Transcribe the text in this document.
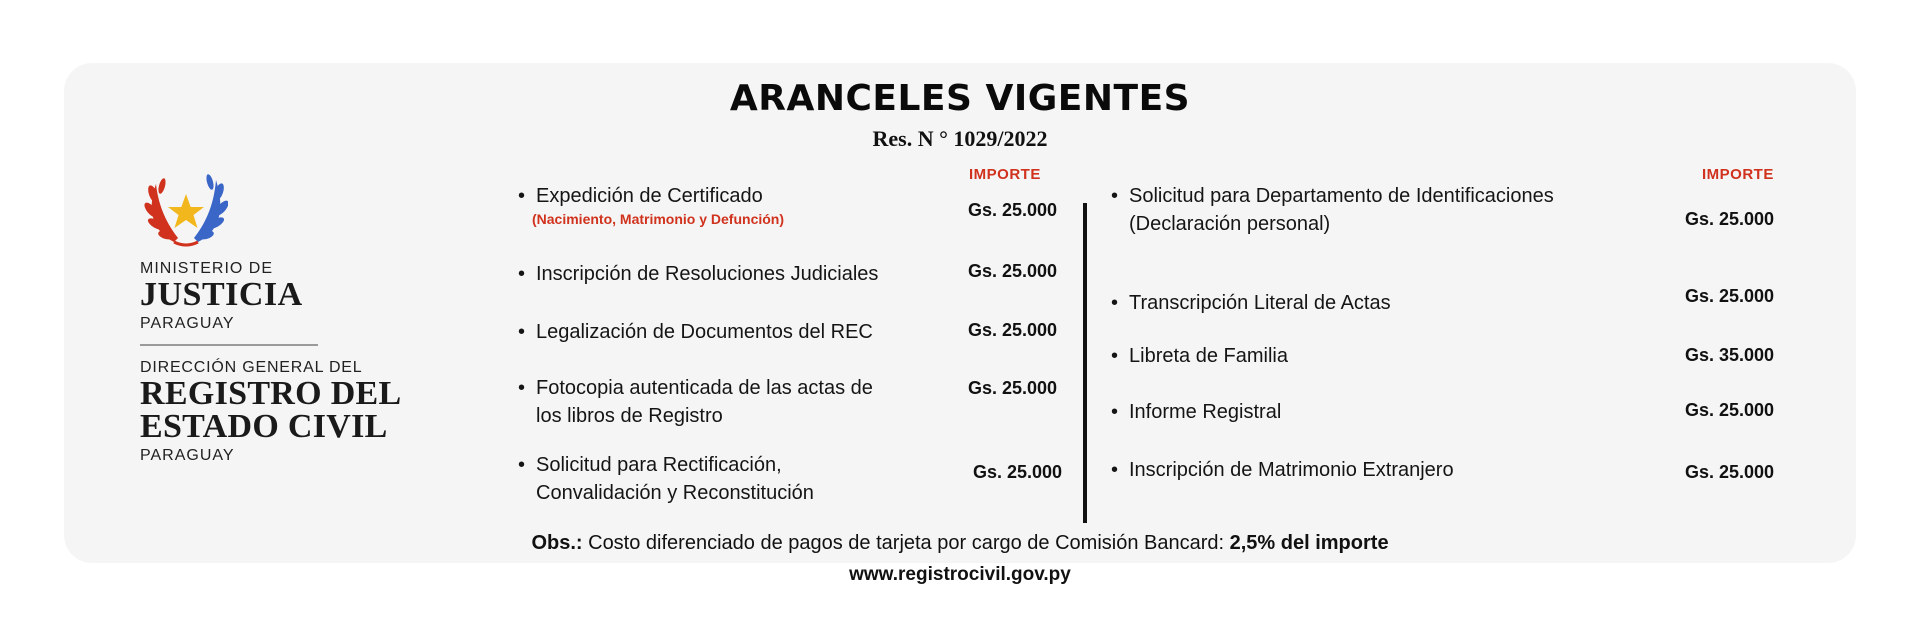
ARANCELES VIGENTES
Res. N ° 1029/2022
MINISTERIO DE
JUSTICIA
PARAGUAY
DIRECCIÓN GENERAL DEL
REGISTRO DEL
ESTADO CIVIL
PARAGUAY
IMPORTE
• Expedición de Certificado
(Nacimiento, Matrimonio y Defunción)	Gs. 25.000
• Inscripción de Resoluciones Judiciales	Gs. 25.000
• Legalización de Documentos del REC	Gs. 25.000
• Fotocopia autenticada de las actas de
los libros de Registro
Gs. 25.000
• Solicitud para Rectificación,
Convalidación y Reconstitución
Gs. 25.000
IMPORTE
• Solicitud para Departamento de Identificaciones
(Declaración personal)	Gs. 25.000
• Transcripción Literal de Actas	Gs. 25.000
• Libreta de Familia	Gs. 35.000
• Informe Registral	Gs. 25.000
• Inscripción de Matrimonio Extranjero	Gs. 25.000
Obs.: Costo diferenciado de pagos de tarjeta por cargo de Comisión Bancard: 2,5% del importe
www.registrocivil.gov.py
